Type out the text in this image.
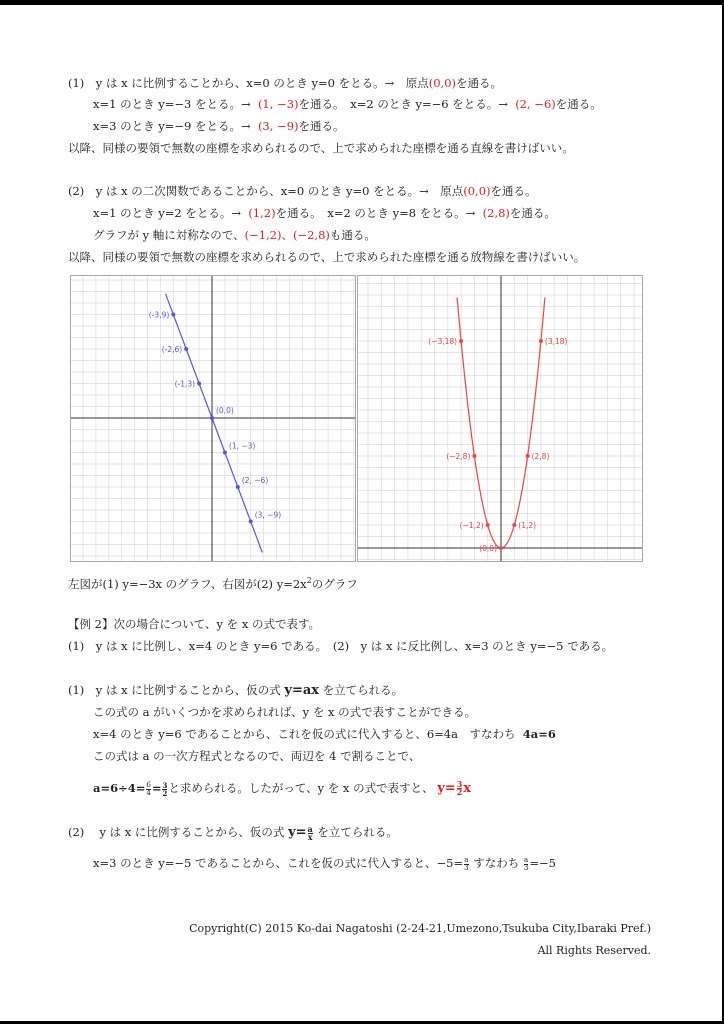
(1)　y は x に比例することから、x=0 のとき y=0 をとる。→　原点(0,0)を通る。
x=1 のとき y=−3 をとる。→ (1, −3)を通る。　x=2 のとき y=−6 をとる。→ (2, −6)を通る。
x=3 のとき y=−9 をとる。→ (3, −9)を通る。
以降、同様の要領で無数の座標を求められるので、上で求められた座標を通る直線を書けばいい。
(2)　y は x の二次関数であることから、x=0 のとき y=0 をとる。→　原点(0,0)を通る。
x=1 のとき y=2 をとる。→ (1,2)を通る。　x=2 のとき y=8 をとる。→ (2,8)を通る。
グラフが y 軸に対称なので、(−1,2)、(−2,8)も通る。
以降、同様の要領で無数の座標を求められるので、上で求められた座標を通る放物線を書けばいい。
(-3,9)
(-2,6)
(-1,3)
(0,0)
(1, −3)
(2, −6)
(3, −9)
(−3,18)	(3,18)
(−2,8)	(2,8)
(−1,2)	(1,2)
(0,0)
左図が(1) y=−3x のグラフ、右図が(2) $y=2x^2$のグラフ
【例 2】次の場合について、y を x の式で表す。
(1)　y は x に比例し、x=4 のとき y=6 である。　(2)　y は x に反比例し、x=3 のとき y=−5 である。
(1)　y は x に比例することから、仮の式 y=ax を立てられる。
この式の a がいくつかを求められれば、y を x の式で表すことができる。
x=4 のとき y=6 であることから、これを仮の式に代入すると、6=4a　すなわち 4a=6
この式は a の一次方程式となるので、両辺を 4 で割ることで、
$a=6\div 4= \frac{6}{4} = \frac{3}{2}$ と求められる。したがって、y を x の式で表すと、 $y= \frac{3}{2}$ x
(2)　 y は x に比例することから、仮の式 $y= \frac{a}{x}$ を立てられる。
x=3 のとき y=−5 であることから、これを仮の式に代入すると、$-5= \frac{a}{3}$ すなわち $\frac{a}{3} =-5$
Copyright(C) 2015 Ko-dai Nagatoshi (2-24-21,Umezono,Tsukuba City,Ibaraki Pref.)
All Rights Reserved.
